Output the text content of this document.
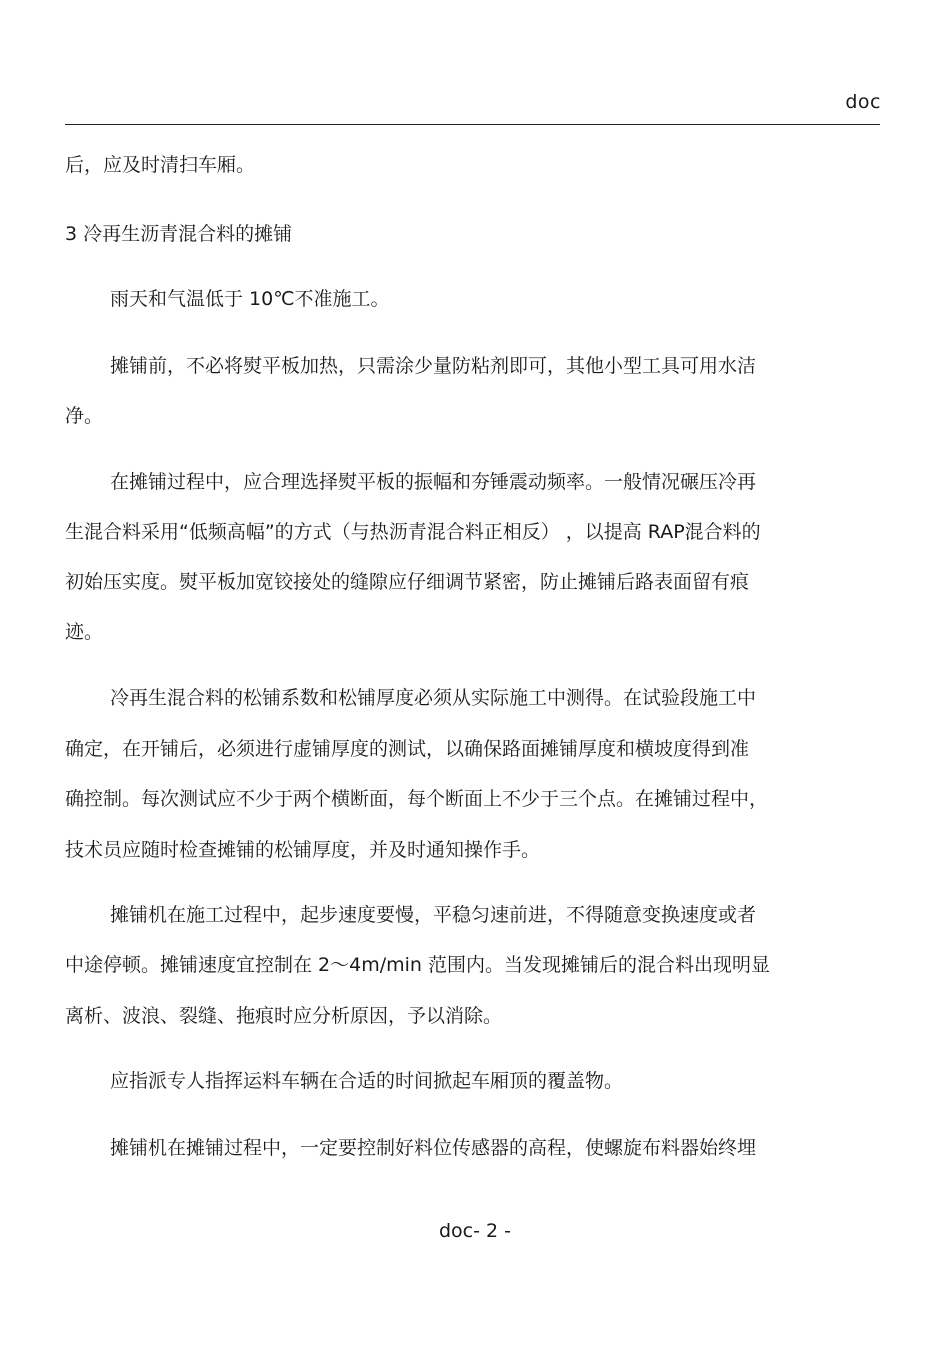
doc
后，应及时清扫车厢。
3 冷再生沥青混合料的摊铺
雨天和气温低于 10℃不准施工。
摊铺前，不必将熨平板加热，只需涂少量防粘剂即可，其他小型工具可用水洁
净。
在摊铺过程中，应合理选择熨平板的振幅和夯锤震动频率。一般情况碾压冷再
生混合料采用“低频高幅”的方式（与热沥青混合料正相反） ，以提高 RAP混合料的
初始压实度。熨平板加宽铰接处的缝隙应仔细调节紧密，防止摊铺后路表面留有痕
迹。
冷再生混合料的松铺系数和松铺厚度必须从实际施工中测得。在试验段施工中
确定，在开铺后，必须进行虚铺厚度的测试，以确保路面摊铺厚度和横坡度得到准
确控制。每次测试应不少于两个横断面，每个断面上不少于三个点。在摊铺过程中，
技术员应随时检查摊铺的松铺厚度，并及时通知操作手。
摊铺机在施工过程中，起步速度要慢，平稳匀速前进，不得随意变换速度或者
中途停顿。摊铺速度宜控制在 2～4m/min 范围内。当发现摊铺后的混合料出现明显
离析、波浪、裂缝、拖痕时应分析原因，予以消除。
应指派专人指挥运料车辆在合适的时间掀起车厢顶的覆盖物。
摊铺机在摊铺过程中，一定要控制好料位传感器的高程，使螺旋布料器始终埋
doc- 2 -
